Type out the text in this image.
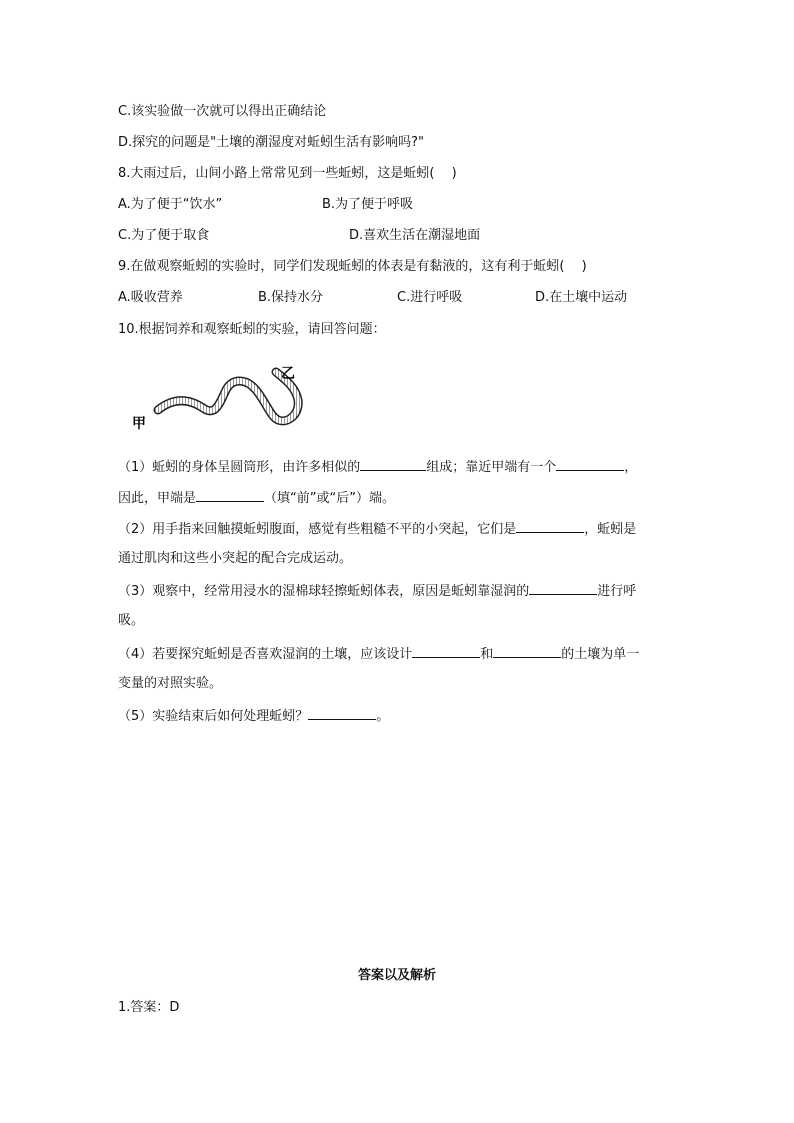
C.该实验做一次就可以得出正确结论
D.探究的问题是"土壤的潮湿度对蚯蚓生活有影响吗?"
8.大雨过后，山间小路上常常见到一些蚯蚓，这是蚯蚓(　 )
A.为了便于“饮水”	B.为了便于呼吸
C.为了便于取食	D.喜欢生活在潮湿地面
9.在做观察蚯蚓的实验时，同学们发现蚯蚓的体表是有黏液的，这有利于蚯蚓(　 )
A.吸收营养	B.保持水分	C.进行呼吸	D.在土壤中运动
10.根据饲养和观察蚯蚓的实验，请回答问题：
甲
乙
（1）蚯蚓的身体呈圆筒形，由许多相似的	组成；靠近甲端有一个	，
因此，甲端是	（填“前”或“后”）端。
（2）用手指来回触摸蚯蚓腹面，感觉有些粗糙不平的小突起，它们是	，蚯蚓是
通过肌肉和这些小突起的配合完成运动。
（3）观察中，经常用浸水的湿棉球轻擦蚯蚓体表，原因是蚯蚓靠湿润的	进行呼
吸。
（4）若要探究蚯蚓是否喜欢湿润的土壤，应该设计	和	的土壤为单一
变量的对照实验。
（5）实验结束后如何处理蚯蚓？	。
答案以及解析
1.答案：D
